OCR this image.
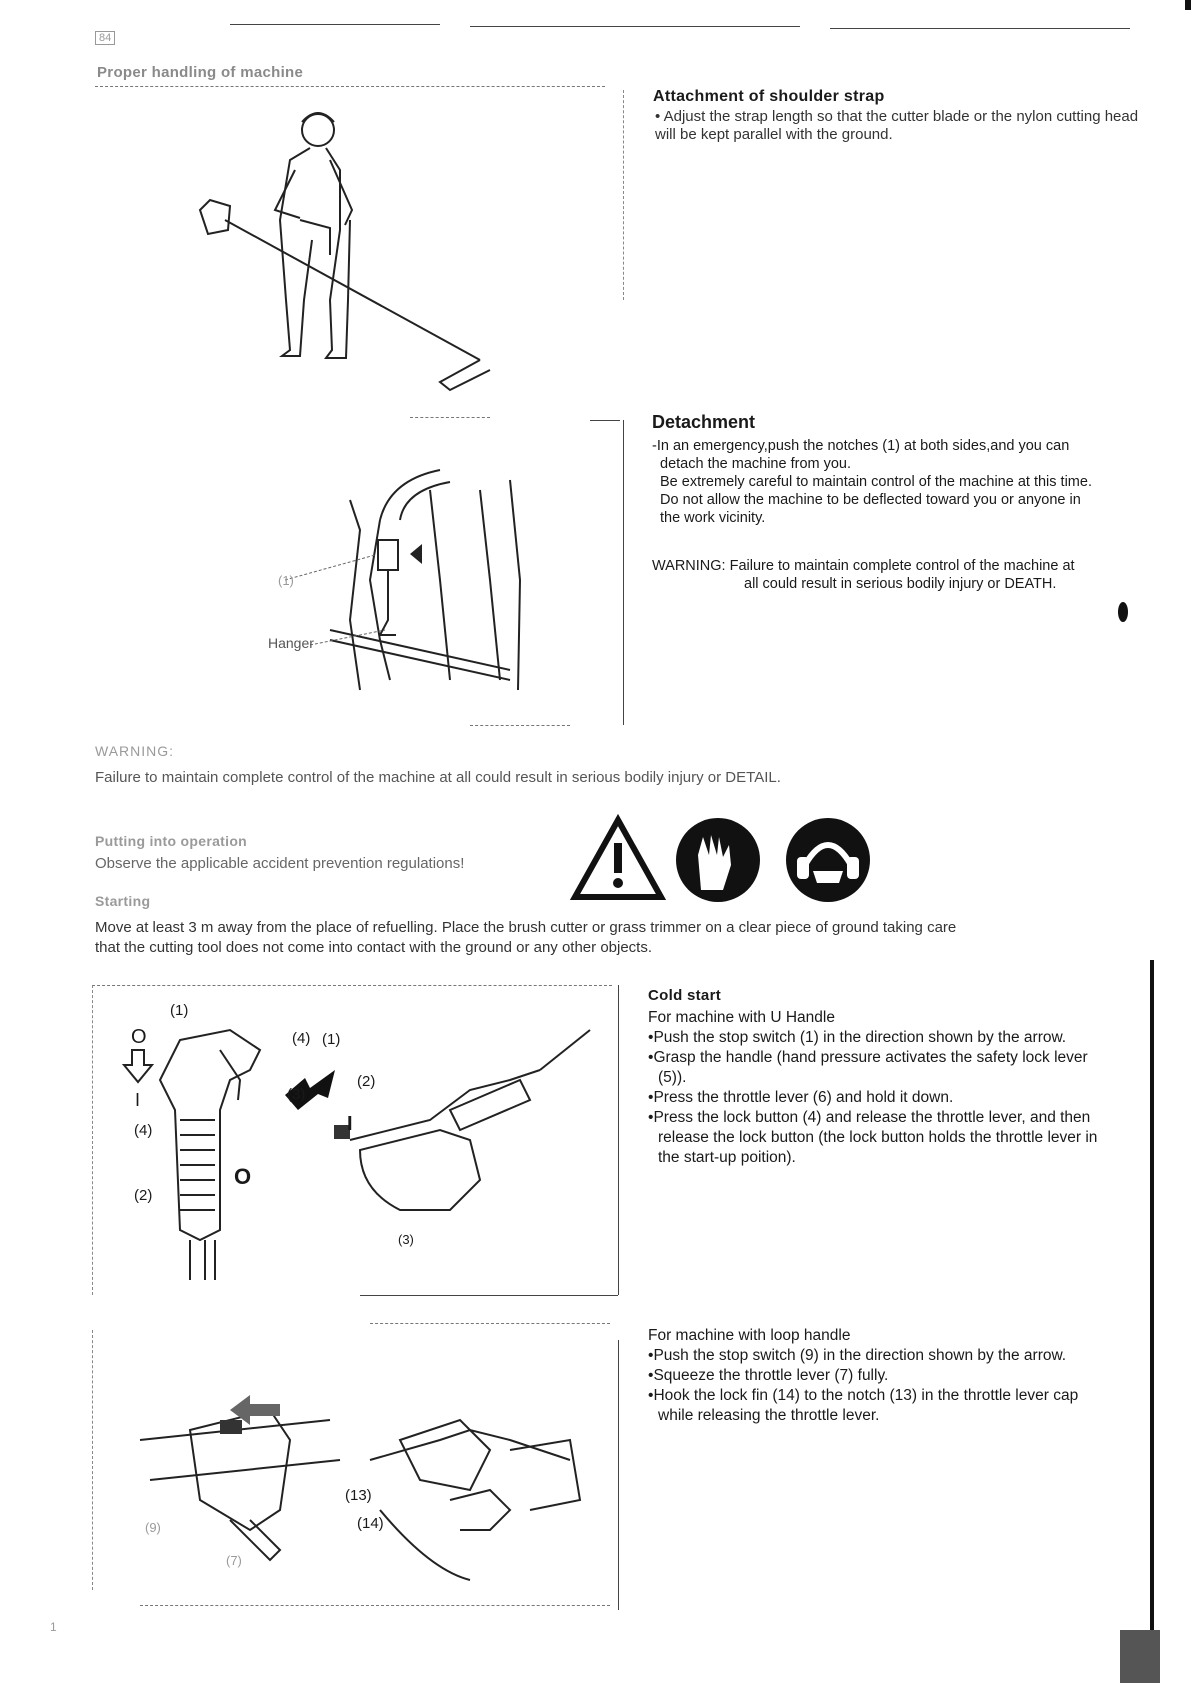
84
Proper handling of machine
Attachment of shoulder strap
• Adjust the strap length so that the cutter blade or the nylon cutting head will be kept parallel with the ground.
(1)
Hanger
Detachment
-In an emergency,push the notches (1) at both sides,and you can
detach the machine from you.
Be extremely careful to maintain control of the machine at this time.
Do not allow the machine to be deflected toward you or anyone in
the work vicinity.
WARNING: Failure to maintain complete control of the machine at
all could result in serious bodily injury or DEATH.
WARNING:
Failure to maintain complete control of the machine at all could result in serious bodily injury or DETAIL.
Putting into operation
Observe the applicable accident prevention regulations!
Starting
Move at least 3 m away from the place of refuelling. Place the brush cutter or grass trimmer on a clear piece of ground taking care
that the cutting tool does not come into contact with the ground or any other objects.
(1)
O
I
(4)
(2)
(3)
(4) (1)
(2)
I
O
(3)
Cold start
For machine with U Handle
•Push the stop switch (1) in the direction shown by the arrow.
•Grasp the handle (hand pressure activates the safety lock lever
(5)).
•Press the throttle lever (6) and hold it down.
•Press the lock button (4) and release the throttle lever, and then
release the lock button (the lock button holds the throttle lever in
the start-up poition).
(9)
(7)
(13)
(14)
For machine with loop handle
•Push the stop switch (9) in the direction shown by the arrow.
•Squeeze the throttle lever (7) fully.
•Hook the lock fin (14) to the notch (13) in the throttle lever cap
while releasing the throttle lever.
1
